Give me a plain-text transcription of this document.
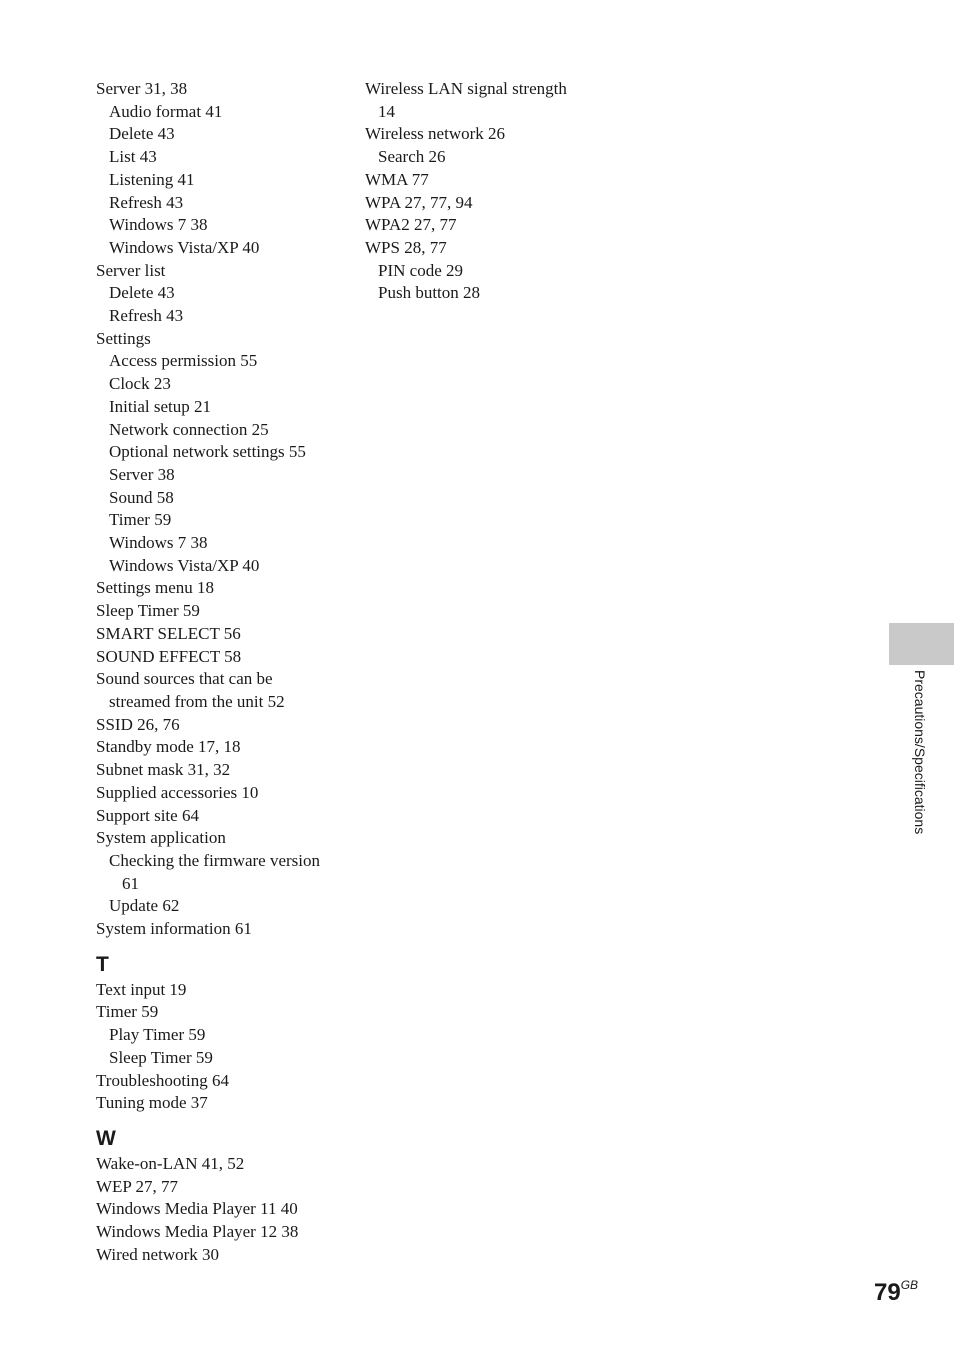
Server 31, 38
Audio format 41
Delete 43
List 43
Listening 41
Refresh 43
Windows 7 38
Windows Vista/XP 40
Server list
Delete 43
Refresh 43
Settings
Access permission 55
Clock 23
Initial setup 21
Network connection 25
Optional network settings 55
Server 38
Sound 58
Timer 59
Windows 7 38
Windows Vista/XP 40
Settings menu 18
Sleep Timer 59
SMART SELECT 56
SOUND EFFECT 58
Sound sources that can be
streamed from the unit 52
SSID 26, 76
Standby mode 17, 18
Subnet mask 31, 32
Supplied accessories 10
Support site 64
System application
Checking the firmware version
61
Update 62
System information 61
T
Text input 19
Timer 59
Play Timer 59
Sleep Timer 59
Troubleshooting 64
Tuning mode 37
W
Wake-on-LAN 41, 52
WEP 27, 77
Windows Media Player 11 40
Windows Media Player 12 38
Wired network 30
Wireless LAN signal strength
14
Wireless network 26
Search 26
WMA 77
WPA 27, 77, 94
WPA2 27, 77
WPS 28, 77
PIN code 29
Push button 28
Precautions/Specifications
$79^{GB}$
